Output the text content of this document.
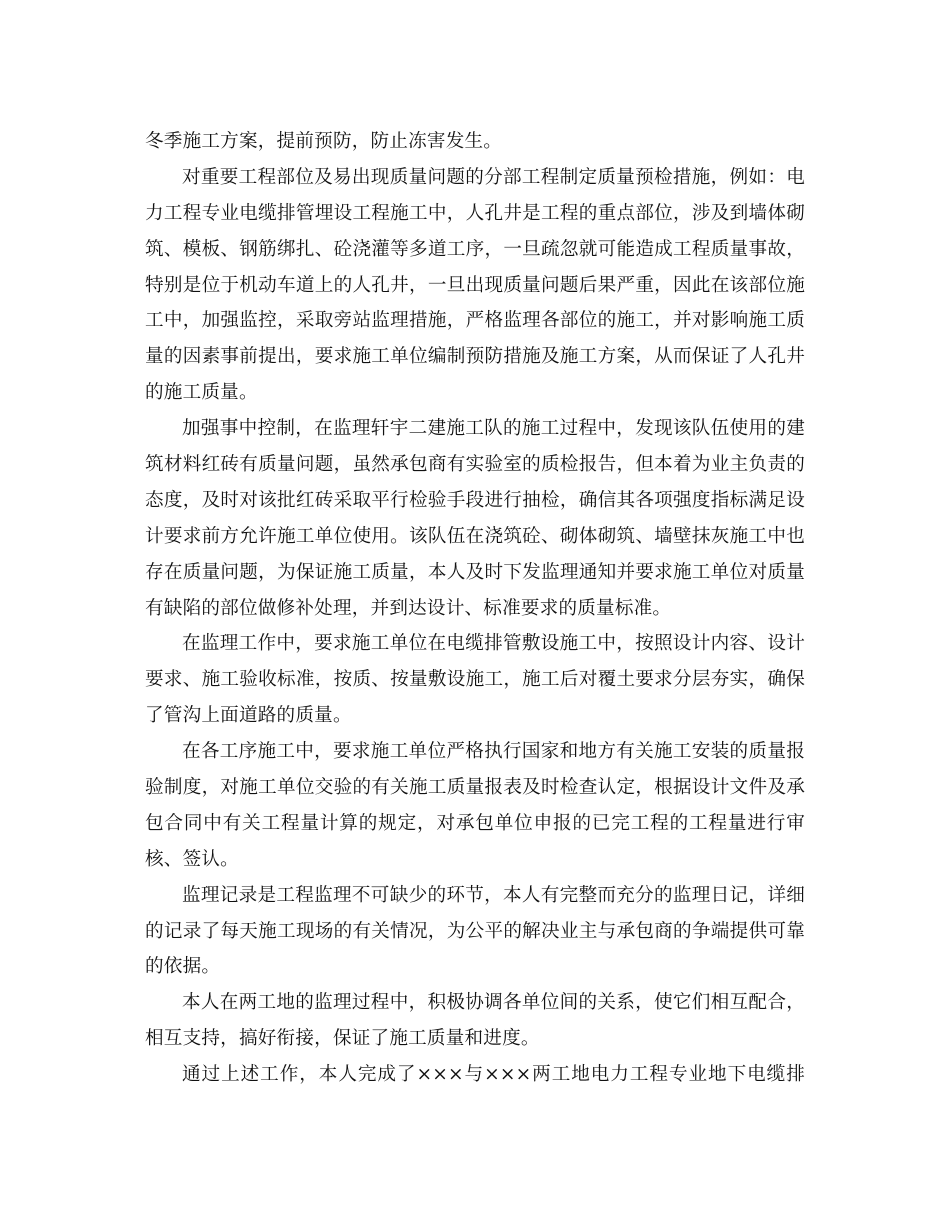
冬季施工方案，提前预防，防止冻害发生。
对重要工程部位及易出现质量问题的分部工程制定质量预检措施，例如：电
力工程专业电缆排管埋设工程施工中，人孔井是工程的重点部位，涉及到墙体砌
筑、模板、钢筋绑扎、砼浇灌等多道工序，一旦疏忽就可能造成工程质量事故，
特别是位于机动车道上的人孔井，一旦出现质量问题后果严重，因此在该部位施
工中，加强监控，采取旁站监理措施，严格监理各部位的施工，并对影响施工质
量的因素事前提出，要求施工单位编制预防措施及施工方案，从而保证了人孔井
的施工质量。
加强事中控制，在监理轩宇二建施工队的施工过程中，发现该队伍使用的建
筑材料红砖有质量问题，虽然承包商有实验室的质检报告，但本着为业主负责的
态度，及时对该批红砖采取平行检验手段进行抽检，确信其各项强度指标满足设
计要求前方允许施工单位使用。该队伍在浇筑砼、砌体砌筑、墙壁抹灰施工中也
存在质量问题，为保证施工质量，本人及时下发监理通知并要求施工单位对质量
有缺陷的部位做修补处理，并到达设计、标准要求的质量标准。
在监理工作中，要求施工单位在电缆排管敷设施工中，按照设计内容、设计
要求、施工验收标准，按质、按量敷设施工，施工后对覆土要求分层夯实，确保
了管沟上面道路的质量。
在各工序施工中，要求施工单位严格执行国家和地方有关施工安装的质量报
验制度，对施工单位交验的有关施工质量报表及时检查认定，根据设计文件及承
包合同中有关工程量计算的规定，对承包单位申报的已完工程的工程量进行审
核、签认。
监理记录是工程监理不可缺少的环节，本人有完整而充分的监理日记，详细
的记录了每天施工现场的有关情况，为公平的解决业主与承包商的争端提供可靠
的依据。
本人在两工地的监理过程中，积极协调各单位间的关系，使它们相互配合，
相互支持，搞好衔接，保证了施工质量和进度。
通过上述工作，本人完成了×××与×××两工地电力工程专业地下电缆排
